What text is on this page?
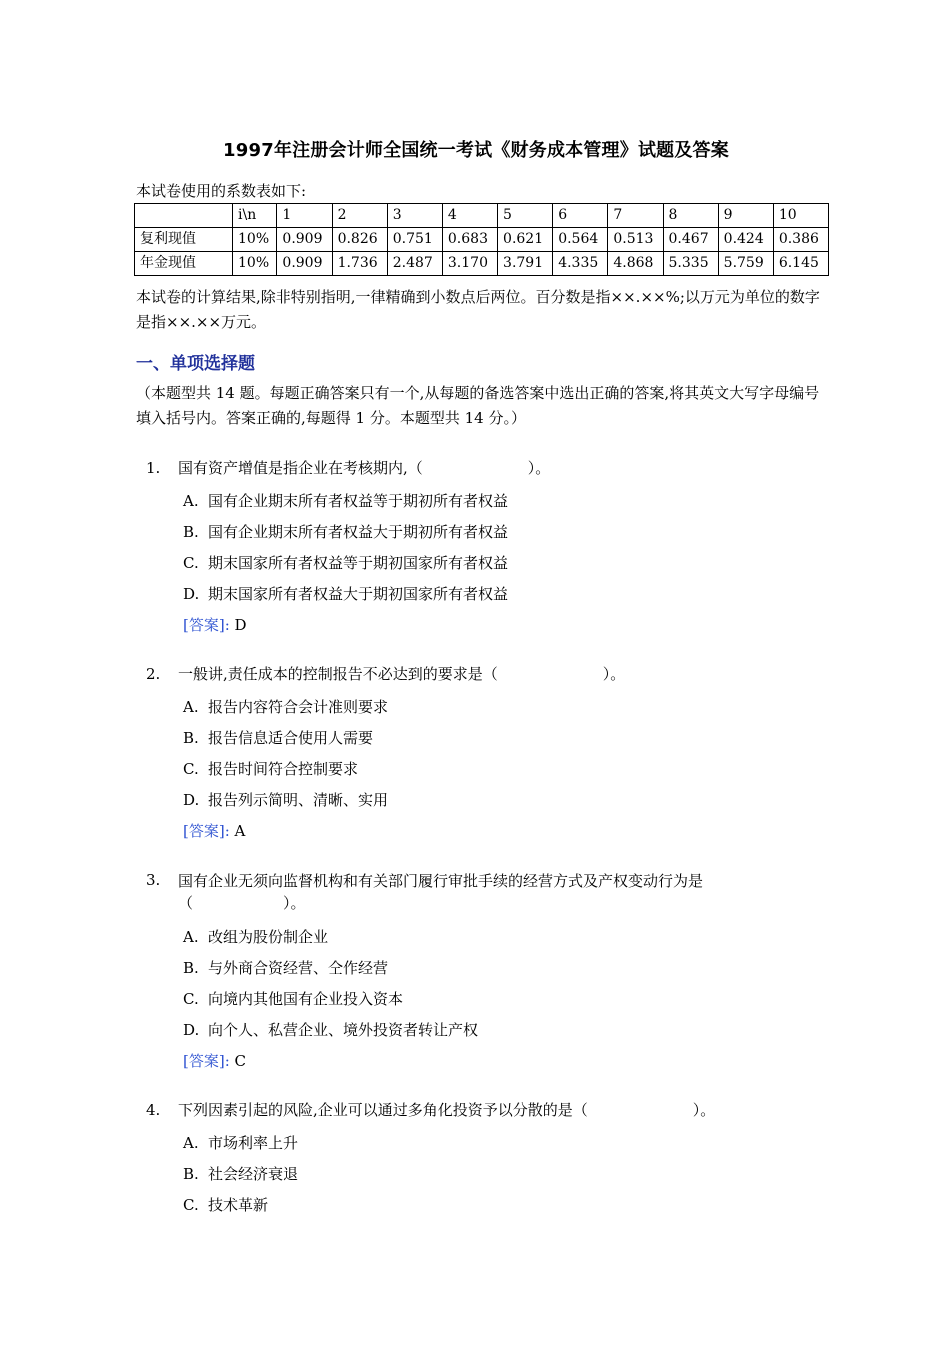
1997年注册会计师全国统一考试《财务成本管理》试题及答案
本试卷使用的系数表如下:
	i\n	1	2	3	4	5	6	7	8	9	10
复利现值	10%	0.909	0.826	0.751	0.683	0.621	0.564	0.513	0.467	0.424	0.386
年金现值	10%	0.909	1.736	2.487	3.170	3.791	4.335	4.868	5.335	5.759	6.145
本试卷的计算结果,除非特别指明,一律精确到小数点后两位。百分数是指××.××%;以万元为单位的数字是指××.××万元。
一、单项选择题
（本题型共 14 题。每题正确答案只有一个,从每题的备选答案中选出正确的答案,将其英文大写字母编号填入括号内。答案正确的,每题得 1 分。本题型共 14 分。）
1. 国有资产增值是指企业在考核期内,（　　　　　　　）。
A. 国有企业期末所有者权益等于期初所有者权益
B. 国有企业期末所有者权益大于期初所有者权益
C. 期末国家所有者权益等于期初国家所有者权益
D. 期末国家所有者权益大于期初国家所有者权益
[答案]: D
2. 一般讲,责任成本的控制报告不必达到的要求是（　　　　　　　）。
A. 报告内容符合会计准则要求
B. 报告信息适合使用人需要
C. 报告时间符合控制要求
D. 报告列示简明、清晰、实用
[答案]: A
3. 国有企业无须向监督机构和有关部门履行审批手续的经营方式及产权变动行为是（　　　　　　）。
A. 改组为股份制企业
B. 与外商合资经营、仝作经营
C. 向境内其他国有企业投入资本
D. 向个人、私营企业、境外投资者转让产权
[答案]: C
4. 下列因素引起的风险,企业可以通过多角化投资予以分散的是（　　　　　　　）。
A. 市场利率上升
B. 社会经济衰退
C. 技术革新
